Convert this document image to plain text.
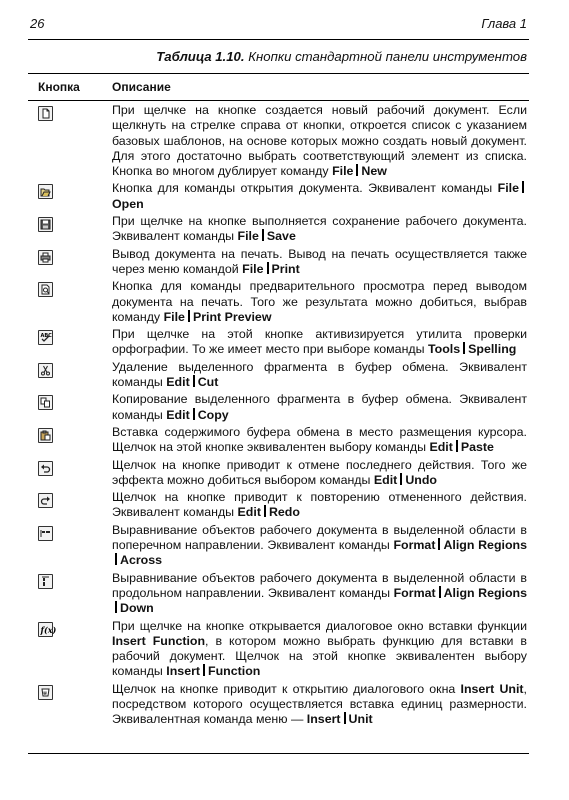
26	Глава 1
Таблица 1.10. Кнопки стандартной панели инструментов
Кнопка	Описание
При щелчке на кнопке создается новый рабочий документ. Если щелкнуть на стрелке справа от кнопки, откроется список с указанием базовых шаблонов, на основе которых можно создать новый документ. Для этого достаточно выбрать соответствующий элемент из списка. Кнопка во многом дублирует команду File New
Кнопка для команды открытия документа. Эквивалент команды FileOpen
При щелчке на кнопке выполняется сохранение рабочего документа. Эквивалент команды File Save
Вывод документа на печать. Вывод на печать осуществляется также через меню командой File Print
Кнопка для команды предварительного просмотра перед выводом документа на печать. Того же результата можно добиться, выбрав команду File Print Preview
ABC	При щелчке на этой кнопке активизируется утилита проверки орфографии. То же имеет место при выборе команды Tools Spelling
Удаление выделенного фрагмента в буфер обмена. Эквивалент команды Edit Cut
Копирование выделенного фрагмента в буфер обмена. Эквивалент команды Edit Copy
Вставка содержимого буфера обмена в место размещения курсора. Щелчок на этой кнопке эквивалентен выбору команды Edit Paste
Щелчок на кнопке приводит к отмене последнего действия. Того же эффекта можно добиться выбором команды Edit Undo
Щелчок на кнопке приводит к повторению отмененного действия. Эквивалент команды Edit Redo
Выравнивание объектов рабочего документа в выделенной области в поперечном направлении. Эквивалент команды Format Align RegionsAcross
Выравнивание объектов рабочего документа в выделенной области в продольном направлении. Эквивалент команды Format Align RegionsDown
f(x)	При щелчке на кнопке открывается диалоговое окно вставки функции Insert Function, в котором можно выбрать функцию для вставки в рабочий документ. Щелчок на этой кнопке эквивалентен выбору команды Insert Function
u	Щелчок на кнопке приводит к открытию диалогового окна Insert Unit, посредством которого осуществляется вставка единиц размерности. Эквивалентная команда меню — Insert Unit
